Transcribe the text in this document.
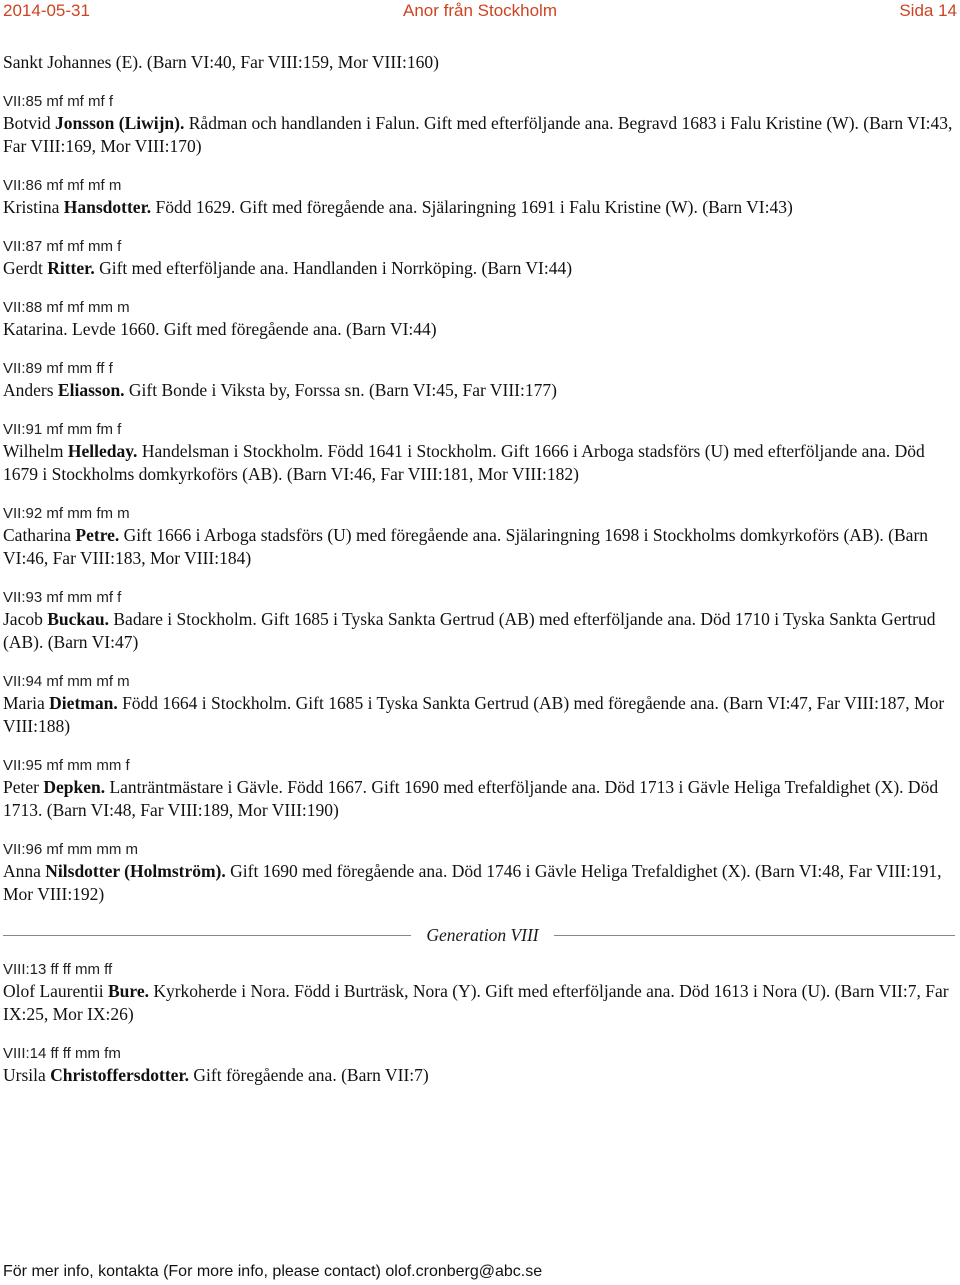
2014-05-31	Anor från Stockholm	Sida 14
Sankt Johannes (E). (Barn VI:40, Far VIII:159, Mor VIII:160)
VII:85 mf mf mf f
Botvid Jonsson (Liwijn). Rådman och handlanden i Falun. Gift med efterföljande ana. Begravd 1683 i Falu Kristine (W). (Barn VI:43, Far VIII:169, Mor VIII:170)
VII:86 mf mf mf m
Kristina Hansdotter. Född 1629. Gift med föregående ana. Själaringning 1691 i Falu Kristine (W). (Barn VI:43)
VII:87 mf mf mm f
Gerdt Ritter. Gift med efterföljande ana. Handlanden i Norrköping. (Barn VI:44)
VII:88 mf mf mm m
Katarina. Levde 1660. Gift med föregående ana. (Barn VI:44)
VII:89 mf mm ff f
Anders Eliasson. Gift Bonde i Viksta by, Forssa sn. (Barn VI:45, Far VIII:177)
VII:91 mf mm fm f
Wilhelm Helleday. Handelsman i Stockholm. Född 1641 i Stockholm. Gift 1666 i Arboga stadsförs (U) med efterföljande ana. Död 1679 i Stockholms domkyrkoförs (AB). (Barn VI:46, Far VIII:181, Mor VIII:182)
VII:92 mf mm fm m
Catharina Petre. Gift 1666 i Arboga stadsförs (U) med föregående ana. Själaringning 1698 i Stockholms domkyrkoförs (AB). (Barn VI:46, Far VIII:183, Mor VIII:184)
VII:93 mf mm mf f
Jacob Buckau. Badare i Stockholm. Gift 1685 i Tyska Sankta Gertrud (AB) med efterföljande ana. Död 1710 i Tyska Sankta Gertrud (AB). (Barn VI:47)
VII:94 mf mm mf m
Maria Dietman. Född 1664 i Stockholm. Gift 1685 i Tyska Sankta Gertrud (AB) med föregående ana. (Barn VI:47, Far VIII:187, Mor VIII:188)
VII:95 mf mm mm f
Peter Depken. Lanträntmästare i Gävle. Född 1667. Gift 1690 med efterföljande ana. Död 1713 i Gävle Heliga Trefaldighet (X). Död 1713. (Barn VI:48, Far VIII:189, Mor VIII:190)
VII:96 mf mm mm m
Anna Nilsdotter (Holmström). Gift 1690 med föregående ana. Död 1746 i Gävle Heliga Trefaldighet (X). (Barn VI:48, Far VIII:191, Mor VIII:192)
Generation VIII
VIII:13 ff ff mm ff
Olof Laurentii Bure. Kyrkoherde i Nora. Född i Burträsk, Nora (Y). Gift med efterföljande ana. Död 1613 i Nora (U). (Barn VII:7, Far IX:25, Mor IX:26)
VIII:14 ff ff mm fm
Ursila Christoffersdotter. Gift föregående ana. (Barn VII:7)
För mer info, kontakta (For more info, please contact) olof.cronberg@abc.se
